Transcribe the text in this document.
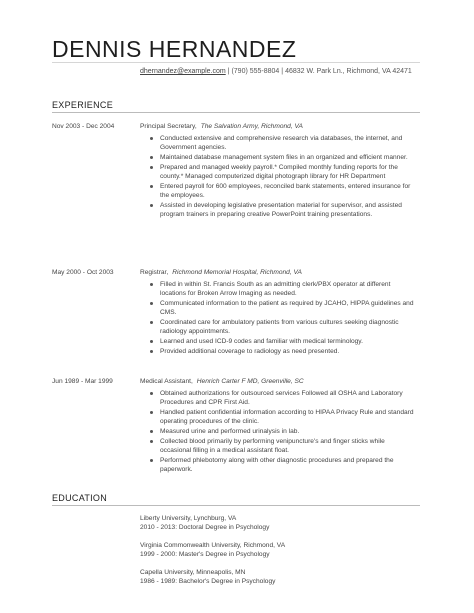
DENNIS HERNANDEZ
dhernandez@example.com | (790) 555-8804 | 46832 W. Park Ln., Richmond, VA 42471
EXPERIENCE
Nov 2003 - Dec 2004	Principal Secretary, The Salvation Army, Richmond, VA
Conducted extensive and comprehensive research via databases, the internet, and Government agencies.
Maintained database management system files in an organized and efficient manner.
Prepared and managed weekly payroll.* Compiled monthly funding reports for the county.* Managed computerized digital photograph library for HR Department
Entered payroll for 600 employees, reconciled bank statements, entered insurance for the employees.
Assisted in developing legislative presentation material for supervisor, and assisted program trainers in preparing creative PowerPoint training presentations.
May 2000 - Oct 2003	Registrar, Richmond Memorial Hospital, Richmond, VA
Filled in within St. Francis South as an admitting clerk/PBX operator at different locations for Broken Arrow Imaging as needed.
Communicated information to the patient as required by JCAHO, HIPPA guidelines and CMS.
Coordinated care for ambulatory patients from various cultures seeking diagnostic radiology appointments.
Learned and used ICD-9 codes and familiar with medical terminology.
Provided additional coverage to radiology as need presented.
Jun 1989 - Mar 1999	Medical Assistant, Henrich Carter F MD, Greenville, SC
Obtained authorizations for outsourced services Followed all OSHA and Laboratory Procedures and CPR First Aid.
Handled patient confidential information according to HIPAA Privacy Rule and standard operating procedures of the clinic.
Measured urine and performed urinalysis in lab.
Collected blood primarily by performing venipuncture's and finger sticks while occasional filling in a medical assistant float.
Performed phlebotomy along with other diagnostic procedures and prepared the paperwork.
EDUCATION
Liberty University, Lynchburg, VA
2010 - 2013: Doctoral Degree in Psychology
Virginia Commonwealth University, Richmond, VA
1999 - 2000: Master's Degree in Psychology
Capella University, Minneapolis, MN
1986 - 1989: Bachelor's Degree in Psychology
